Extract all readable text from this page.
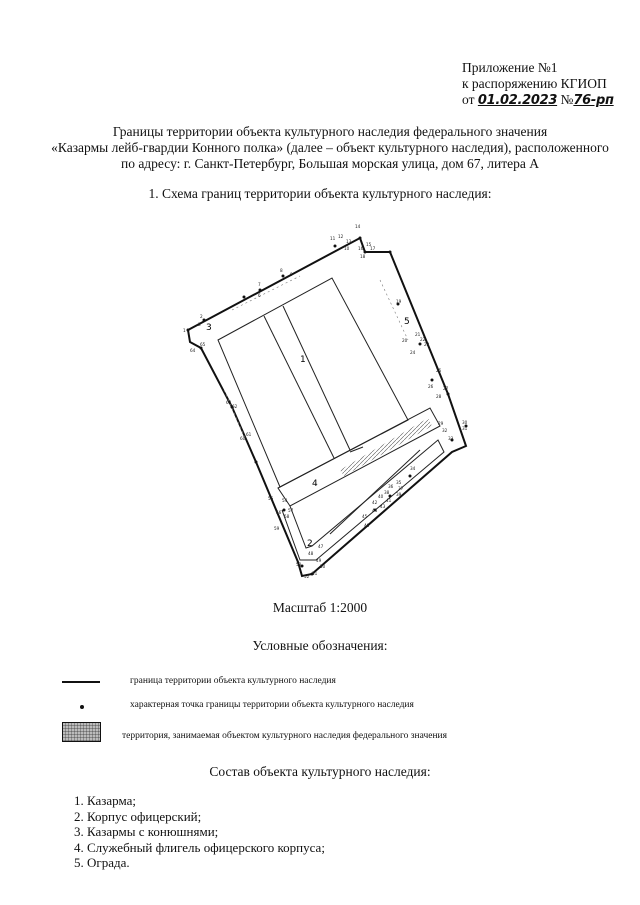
Приложение №1
к распоряжению КГИОП
от 01.02.2023 №76-рп
Границы территории объекта культурного наследия федерального значения
«Казармы лейб-гвардии Конного полка» (далее – объект культурного наследия), расположенного
по адресу: г. Санкт-Петербург, Большая морская улица, дом 67, литера А
1. Схема границ территории объекта культурного наследия:
1
2
3
4
5
1
2
3
6
7
8
9
10
11 12
13
14
15
16 17
18
19
20
21
22
23
24
25
26 27
28
29	30
31
32
33
34
35
36 37
38 39
40
41
42
43
44
45
46
47
48
49
50
51
52
53
54
55
56 57
58
59
60
61
62
63
64
65
Масштаб 1:2000
Условные обозначения:
граница территории объекта культурного наследия
характерная точка границы территории объекта культурного наследия
территория, занимаемая объектом культурного наследия федерального значения
Состав объекта культурного наследия:
1. Казарма;
2. Корпус офицерский;
3. Казармы с конюшнями;
4. Служебный флигель офицерского корпуса;
5. Ограда.
